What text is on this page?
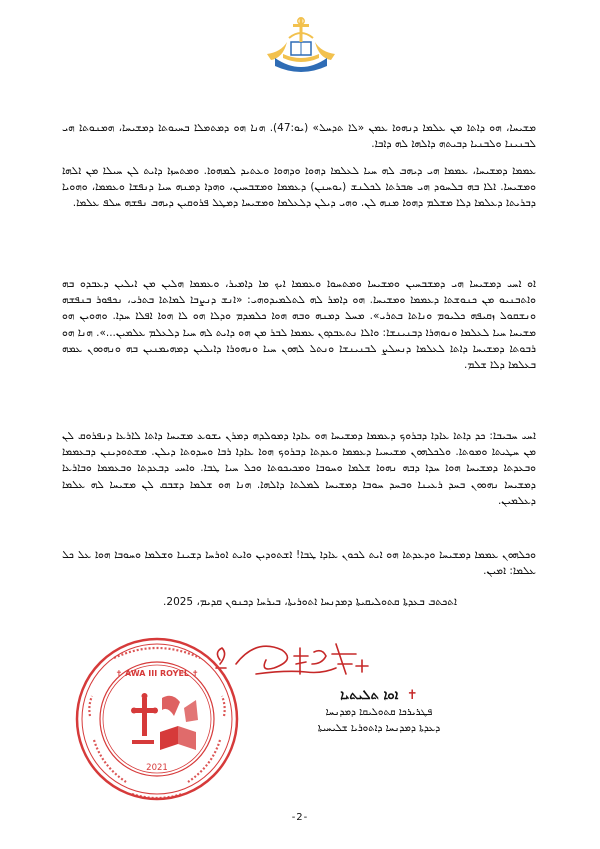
ܡܫܝܚܐ، ܗܘ ܕܐܬܐ ܡܢ ܥܠܡܐ ܕܢܗܘܐ ܥܡܢ «ܠܐ ܬܕܚܠ» (ܝܘ:47). ܗܢܐ ܗܘ ܕܡܬܡܠܐ ܒܚܝܘܬܐ ܕܡܫܝܚܐ، ܗܡܢܘܬܐ ܗܝ ܠܒܢܝܢܐ ܘܠܒܢܝܐ ܕܒܝܬܗ ܕܐܠܗܐ ܠܗ ܕܐܒܐ.
ܥܡܡܐ ܕܡܫܝܚܐ، ܥܡܡܐ ܗܝ ܕܝܗܒ ܠܗ ܚܝܐ ܠܥܠܡܐ ܕܗܘܐ ܘܕܗܘܐ ܘܥܬܝܕ ܠܡܗܘܐ. ܘܡܬܚܙܐ ܕܐܝܬ ܠܢ ܚܝܠܐ ܡܢ ܐܠܗܐ ܘܡܫܝܚܐ. ܐܠܐ ܒܗ ܒܠܚܘܕ ܗܝ ܣܒܪܬܐ ܠܟܠܢܫ (ܝܘܚܢܢ) ܕܥܡܡܐ ܘܡܫܒܚܝܢ، ܘܗܕܐ ܕܡܢܗ ܚܝܐ ܕܢܦܫܐ ܘܥܡܡܐ، ܘܗܘܝܐ ܕܒܪܝܬܐ ܕܥܠܡܐ ܕܠܐ ܡܫܠܡ ܕܗܘܐ ܡܢܗ ܠܢ. ܘܗܝ ܕܝܠܢ ܕܠܥܠܡܐ ܘܡܫܝܚܐ ܕܡܛܠ ܦܪܘܩܝܢ ܕܝܗܒ ܢܦܫܗ ܚܠܦ ܥܠܡܐ.
ܐܘ ܐܚܝ ܕܡܫܝܚܐ ܗܝ ܕܡܫܒܚܝܢ ܘܡܫܝܚܐ ܘܡܬܚܘܐ ܘܥܡܡܐ ܐܝܟ ܡܐ ܕܐܡܝܪ، ܘܥܡܡܐ ܗܠܝܢ ܡܢ ܐܝܠܝܢ ܕܥܒܕܘ ܒܗ ܘܐܬܒܢܝܘ ܡܢ ܟܢܘܫܬܐ ܕܥܡܡܐ ܘܡܫܝܚܐ. ܗܘ ܕܐܡܪ ܠܗ ܠܬܠܡܝܕܘܗܝ: «ܐܢܫ ܕܢܨܒܐ ܠܡܐܬܐ ܒܬܪܝ، ܢܟܦܘܪ ܒܢܦܫܗ ܘܢܫܩܘܠ ܙܩܝܦܗ ܟܠܝܘܡ ܘܢܐܬܐ ܒܬܪܝ». ܡܚܠ ܕܡܢܗ ܘܒܗ ܗܘܐ ܟܠܡܕܡ ܘܕܠܐ ܗܘ ܠܐ ܗܘܐ ܐܦܠܐ ܚܕܐ. ܘܗܘܝܢ ܗܘ ܡܫܝܚܐ ܚܝܐ ܠܥܠܡܐ ܘܢܘܗܪܐ ܕܒܢܝܢܫܐ: ܘܐܠܐ ܢܬܥܒܕܘܢ ܥܡܡܐ ܠܒܪ ܡܢ ܗܘ ܕܐܝܬ ܠܗ ܚܝܐ ܕܠܥܠܡ ܥܠܡܝܢ...». ܗܢܐ ܗܘ ܪܒܘܬܐ ܕܡܫܝܚܐ ܕܐܬܐ ܠܥܠܡܐ ܕܢܚܠܨ ܠܒܢܝܢܫܐ ܘܢܬܠ ܠܗܘܢ ܚܝܐ ܘܢܗܘܪܐ ܕܐܝܠܝܢ ܕܡܗܝܡܢܝܢ ܒܗ ܘܢܗܘܘܢ ܥܡܗ ܒܥܠܡܐ ܕܠܐ ܫܠܡ.
ܐܚܝ ܚܒܝܒܐ: ܟܕ ܕܐܬܐ ܥܐܕܐ ܕܒܪܘܟ ܕܥܡܡܐ ܕܡܫܝܚܐ ܗܘ ܥܐܕܐ ܕܡܘܠܕܗ ܕܡܪܢ ܝܫܘܥ ܡܫܝܚܐ ܕܐܬܐ ܠܐܪܥܐ ܕܢܦܪܘܩ ܠܢ ܡܢ ܚܛܝܬܐ ܘܡܘܬܐ. ܘܠܟܠܗܘܢ ܡܫܝܚܝܐ ܕܥܡܡܐ ܘܥܕܬܐ ܕܒܪܘܟ ܗܘܐ ܥܐܕܐ ܪܒܐ ܘܚܕܘܬܐ ܕܝܠܢ. ܡܫܬܘܕܝܢܢ ܕܒܥܡܡܐ ܘܒܥܕܬܐ ܕܡܫܝܚܐ ܗܘܐ ܚܕܐ ܕܒܗ ܢܗܘܐ ܫܠܡܐ ܘܚܘܒܐ ܘܡܟܝܟܘܬܐ ܘܟܠ ܚܝܐ ܛܒܐ. ܘܐܚܝ ܕܒܥܕܬܐ ܘܒܥܡܡܐ ܘܒܐܪܥܐ ܕܡܫܝܚܐ ܢܗܘܘܢ ܒܚܕ ܪܥܝܢܐ ܘܒܚܕ ܚܘܒܐ ܕܡܫܝܚܐ ܠܡܠܬܐ ܕܐܠܗܐ. ܗܢܐ ܗܘ ܫܠܡܐ ܕܫܒܩ ܠܢ ܡܫܝܚܐ ܠܗ ܥܠܡܐ ܕܥܠܡܝܢ.
ܘܟܠܗܘܢ ܥܡܡܐ ܕܡܫܝܚܐ ܘܕܥܕܬܐ ܗܘ ܐܝܬ ܠܟܘܢ ܥܐܕܐ ܛܒܐ! ܐܫܬܘܕܝܢ ܘܐܝܬ ܐܘܪܚܐ ܕܫܝܢܐ ܘܫܠܡܐ ܘܚܘܒܐ ܗܘܐ ܥܠ ܟܠ ܥܠܡܐ: ܐܡܝܢ.
ܐܬܟܬܒ ܒܥܕܬܐ ܩܬܘܠܝܩܝܬܐ ܕܡܕܢܚܐ ܐܬܘܪܝܬܐ، ܒܝܪܚܐ ܕܟܢܘܢ ܩܕܝܡ، 2025.
✝ AWA III ROYEL ✝
2021
✝ ܐܘܐ ܬܠܝܬܝܐ
ܦܛܪܝܪܟܐ ܩܬܘܠܝܩܐ ܕܡܕܢܚܐ
ܕܥܕܬܐ ܕܡܕܢܚܐ ܕܐܬܘܪܝܐ ܫܠܝܚܝܬܐ
-2-
